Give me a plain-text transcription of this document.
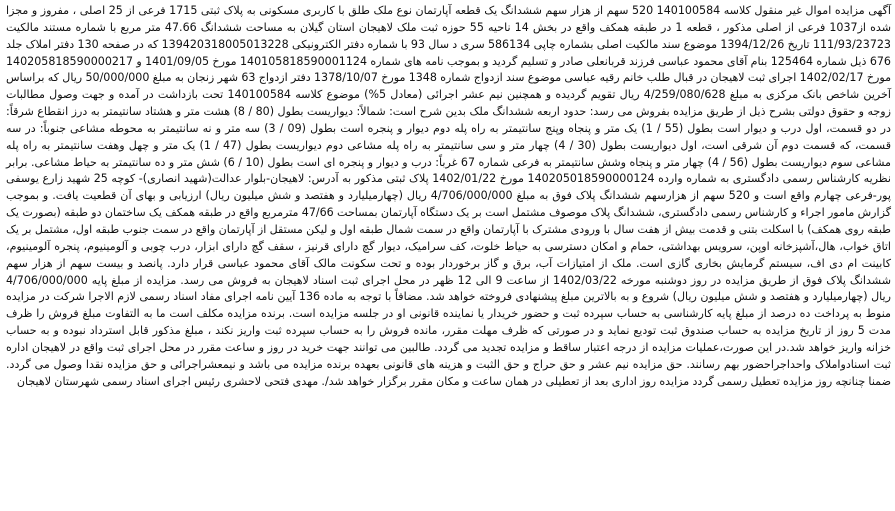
آگهی مزایده اموال غیر منقول کلاسه 140100584 520 سهم از هزار سهم ششدانگ یک قطعه آپارتمان نوع ملک طلق با کاربری مسکونی به پلاک ثبتی 1715 فرعی از 25 اصلی ، مفروز و مجزا شده از1037 فرعی از اصلی مذکور ، قطعه 1 در طبقه همکف واقع در بخش 14 ناحیه 55 حوزه ثبت ملک لاهیجان استان گیلان به مساحت ششدانگ 47.66 متر مربع با شماره مستند مالکیت 111/93/23723 تاریخ 1394/12/26 موضوع سند مالکیت اصلی بشماره چاپی 586134 سری د سال 93 با شماره دفتر الکترونیکی 139420318005013228 که در صفحه 130 دفتر املاک جلد 676 ذیل شماره 125464 بنام آقای محمود عباسی فرزند قربانعلی صادر و تسلیم گردید و بموجب نامه های شماره 140105818590001124 مورخ 1401/09/05 و 140205818590000217 مورخ 1402/02/17 اجرای ثبت لاهیجان در قبال طلب خانم رقیه عباسی موضوع سند ازدواج شماره 1348 مورخ 1378/10/07 دفتر ازدواج 63 شهر زنجان به مبلغ 50/000/000 ریال که براساس آخرین شاخص بانک مرکزی به مبلغ 4/259/080/628 ریال تقویم گردیده و همچنین نیم عشر اجرائی (معادل 5%) موضوع کلاسه 140100584 تحت بازداشت در آمده و جهت وصول مطالبات زوجه و حقوق دولتی بشرح ذیل از طریق مزایده بفروش می رسد: حدود اربعه ششدانگ ملک بدین شرح است: شمالاً: دیواریست بطول (80 / 8) هشت متر و هشتاد سانتیمتر به درز انقطاع شرقاً: در دو قسمت، اول درب و دیوار است بطول (55 / 1) یک متر و پنجاه وپنج سانتیمتر به راه پله دوم دیوار و پنجره است بطول (09 / 3) سه متر و نه سانتیمتر به محوطه مشاعی جنوباً: در سه قسمت، که قسمت دوم آن شرقی است، اول دیواریست بطول (30 / 4) چهار متر و سی سانتیمتر به راه پله مشاعی دوم دیواریست بطول (47 / 1) یک متر و چهل وهفت سانتیمتر به راه پله مشاعی سوم دیواریست بطول (56 / 4) چهار متر و پنجاه وشش سانتیمتر به فرعی شماره 67 غرباً: درب و دیوار و پنجره ای است بطول (10 / 6) شش متر و ده سانتیمتر به حیاط مشاعی. برابر نظریه کارشناس رسمی دادگستری به شماره وارده 140205018590000124 مورخ 1402/01/22 پلاک ثبتی مذکور به آدرس: لاهیجان-بلوار عدالت(شهید انصاری)- کوچه 25 شهید زارع یوسفی پور-فرعی چهارم واقع است و 520 سهم از هزارسهم ششدانگ پلاک فوق به مبلغ 4/706/000/000 ریال (چهارمیلیارد و هفتصد و شش میلیون ریال) ارزیابی و بهای آن قطعیت یافت. و بموجب گزارش مامور اجراء و کارشناس رسمی دادگستری، ششدانگ پلاک موصوف مشتمل است بر یک دستگاه آپارتمان بمساحت 47/66 مترمربع واقع در طبقه همکف یک ساختمان دو طبقه (بصورت یک طبقه روی همکف) با اسکلت بتنی و قدمت بیش از هفت سال با ورودی مشترک با آپارتمان واقع در سمت شمال طبقه اول و لیکن مستقل از آپارتمان واقع در سمت جنوب طبقه اول، مشتمل بر یک اتاق خواب، هال،آشپزخانه اوپن، سرویس بهداشتی، حمام و امکان دسترسی به حیاط خلوت، کف سرامیک، دیوار گچ دارای قرنیز ، سقف گچ دارای ابزار، درب چوبی و آلومینیوم، پنجره آلومینیوم، کابینت ام دی اف، سیستم گرمایش بخاری گازی است. ملک از امتیازات آب، برق و گاز برخوردار بوده و تحت سکونت مالک آقای محمود عباسی قرار دارد. پانصد و بیست سهم از هزار سهم ششدانگ پلاک فوق از طریق مزایده در روز دوشنبه مورخه 1402/03/22 از ساعت 9 الی 12 ظهر در محل اجرای ثبت اسناد لاهیجان به فروش می رسد. مزایده از مبلغ پایه 4/706/000/000 ریال (چهارمیلیارد و هفتصد و شش میلیون ریال) شروع و به بالاترین مبلغ پیشنهادی فروخته خواهد شد. مضافاً با توجه به ماده 136 آیین نامه اجرای مفاد اسناد رسمی لازم الاجرا شرکت در مزایده منوط به پرداخت ده درصد از مبلغ پایه کارشناسی به حساب سپرده ثبت و حضور خریدار یا نماینده قانونی او در جلسه مزایده است. برنده مزایده مکلف است ما به التفاوت مبلغ فروش را ظرف مدت 5 روز از تاریخ مزایده به حساب صندوق ثبت تودیع نماید و در صورتی که ظرف مهلت مقرر، مانده فروش را به حساب سپرده ثبت واریز نکند ، مبلغ مذکور قابل استرداد نبوده و به حساب خزانه واریز خواهد شد.در این صورت،عملیات مزایده از درجه اعتبار ساقط و مزایده تجدید می گردد. طالبین می توانند جهت خرید در روز و ساعت مقرر در محل اجرای ثبت واقع در لاهیجان اداره ثبت اسنادواملاک واحداجراحضور بهم رسانند. حق مزایده نیم عشر و حق حراج و حق الثبت و هزینه های قانونی بعهده برنده مزایده می باشد و نیمعشراجرائی و حق مزایده نقدا وصول می گردد. ضمنا چنانچه روز مزایده تعطیل رسمی گردد مزایده روز اداری بعد از تعطیلی در همان ساعت و مکان مقرر برگزار خواهد شد/. مهدی فتحی لاحشری رئیس اجرای اسناد رسمی شهرستان لاهیجان
